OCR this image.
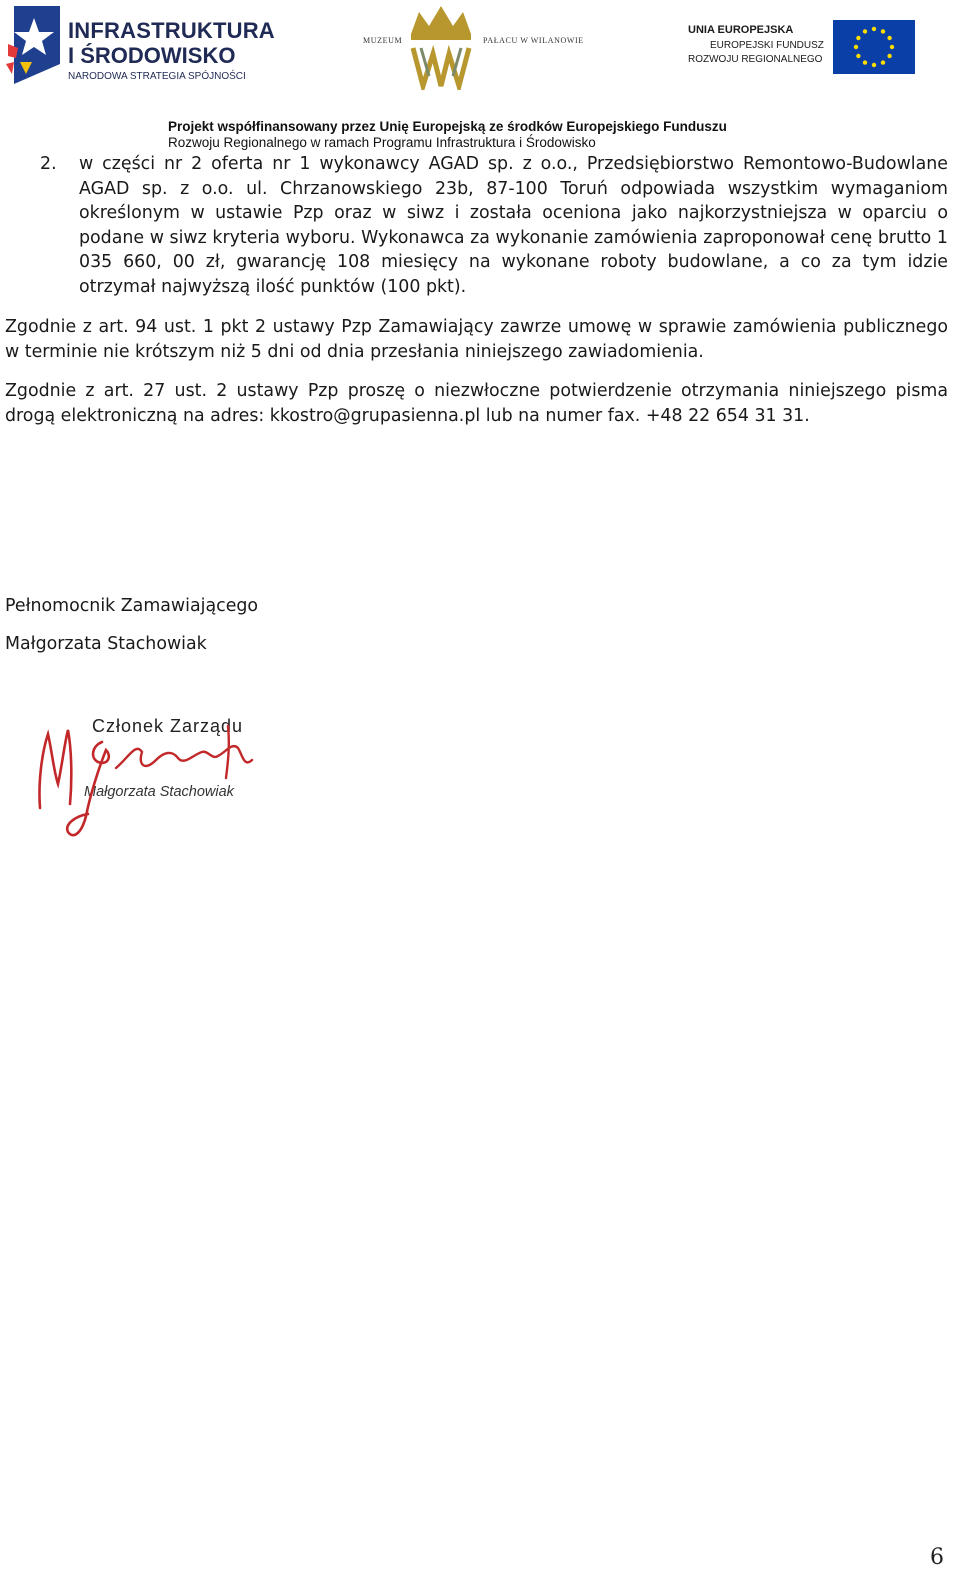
INFRASTRUKTURA
I ŚRODOWISKO
NARODOWA STRATEGIA SPÓJNOŚCI
MUZEUM	PAŁACU W WILANOWIE
UNIA EUROPEJSKA
EUROPEJSKI FUNDUSZ
ROZWOJU REGIONALNEGO
Projekt współfinansowany przez Unię Europejską ze środków Europejskiego Funduszu
Rozwoju Regionalnego w ramach Programu Infrastruktura i Środowisko

2. w części nr 2 oferta nr 1 wykonawcy AGAD sp. z o.o., Przedsiębiorstwo Remontowo-Budowlane AGAD sp. z o.o. ul. Chrzanowskiego 23b, 87-100 Toruń odpowiada wszystkim wymaganiom określonym w ustawie Pzp oraz w siwz i została oceniona jako najkorzystniejsza w oparciu o podane w siwz kryteria wyboru. Wykonawca za wykonanie zamówienia zaproponował cenę brutto 1 035 660, 00 zł, gwarancję 108 miesięcy na wykonane roboty budowlane, a co za tym idzie otrzymał najwyższą ilość punktów (100 pkt).

Zgodnie z art. 94 ust. 1 pkt 2 ustawy Pzp Zamawiający zawrze umowę w sprawie zamówienia publicznego w terminie nie krótszym niż 5 dni od dnia przesłania niniejszego zawiadomienia.

Zgodnie z art. 27 ust. 2 ustawy Pzp proszę o niezwłoczne potwierdzenie otrzymania niniejszego pisma drogą elektroniczną na adres: kkostro@grupasienna.pl lub na numer fax. +48 22 654 31 31.

Pełnomocnik Zamawiającego
Małgorzata Stachowiak
Członek Zarządu
Małgorzata Stachowiak
6
